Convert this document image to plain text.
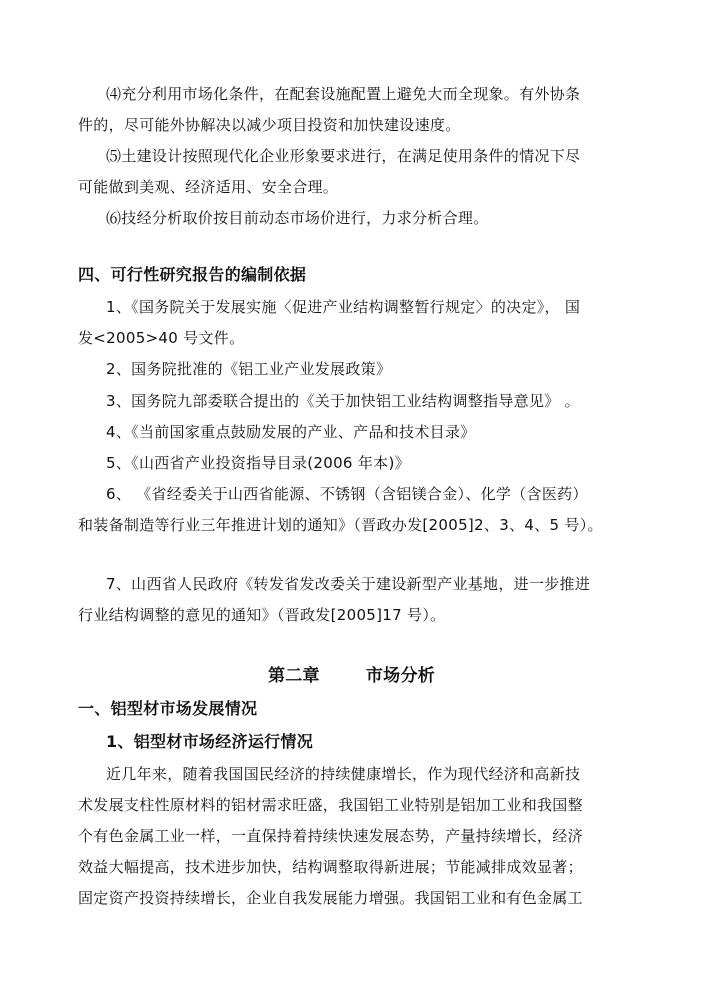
⑷充分利用市场化条件，在配套设施配置上避免大而全现象。有外协条
件的，尽可能外协解决以减少项目投资和加快建设速度。
⑸土建设计按照现代化企业形象要求进行，在满足使用条件的情况下尽
可能做到美观、经济适用、安全合理。
⑹技经分析取价按目前动态市场价进行，力求分析合理。
四、可行性研究报告的编制依据
1、《国务院关于发展实施〈促进产业结构调整暂行规定〉的决定》， 国
发<2005>40 号文件。
2、国务院批准的《铝工业产业发展政策》
3、国务院九部委联合提出的《关于加快铝工业结构调整指导意见》 。
4、《当前国家重点鼓励发展的产业、产品和技术目录》
5、《山西省产业投资指导目录(2006 年本)》
6、 《省经委关于山西省能源、不锈钢（含铝镁合金）、化学（含医药）
和装备制造等行业三年推进计划的通知》（晋政办发[2005]2、3、4、5 号）。
7、山西省人民政府《转发省发改委关于建设新型产业基地，进一步推进
行业结构调整的意见的通知》（晋政发[2005]17 号）。
第二章	市场分析
一、铝型材市场发展情况
1、铝型材市场经济运行情况
近几年来，随着我国国民经济的持续健康增长，作为现代经济和高新技
术发展支柱性原材料的铝材需求旺盛，我国铝工业特别是铝加工业和我国整
个有色金属工业一样，一直保持着持续快速发展态势，产量持续增长，经济
效益大幅提高，技术进步加快，结构调整取得新进展；节能减排成效显著；
固定资产投资持续增长，企业自我发展能力增强。我国铝工业和有色金属工
